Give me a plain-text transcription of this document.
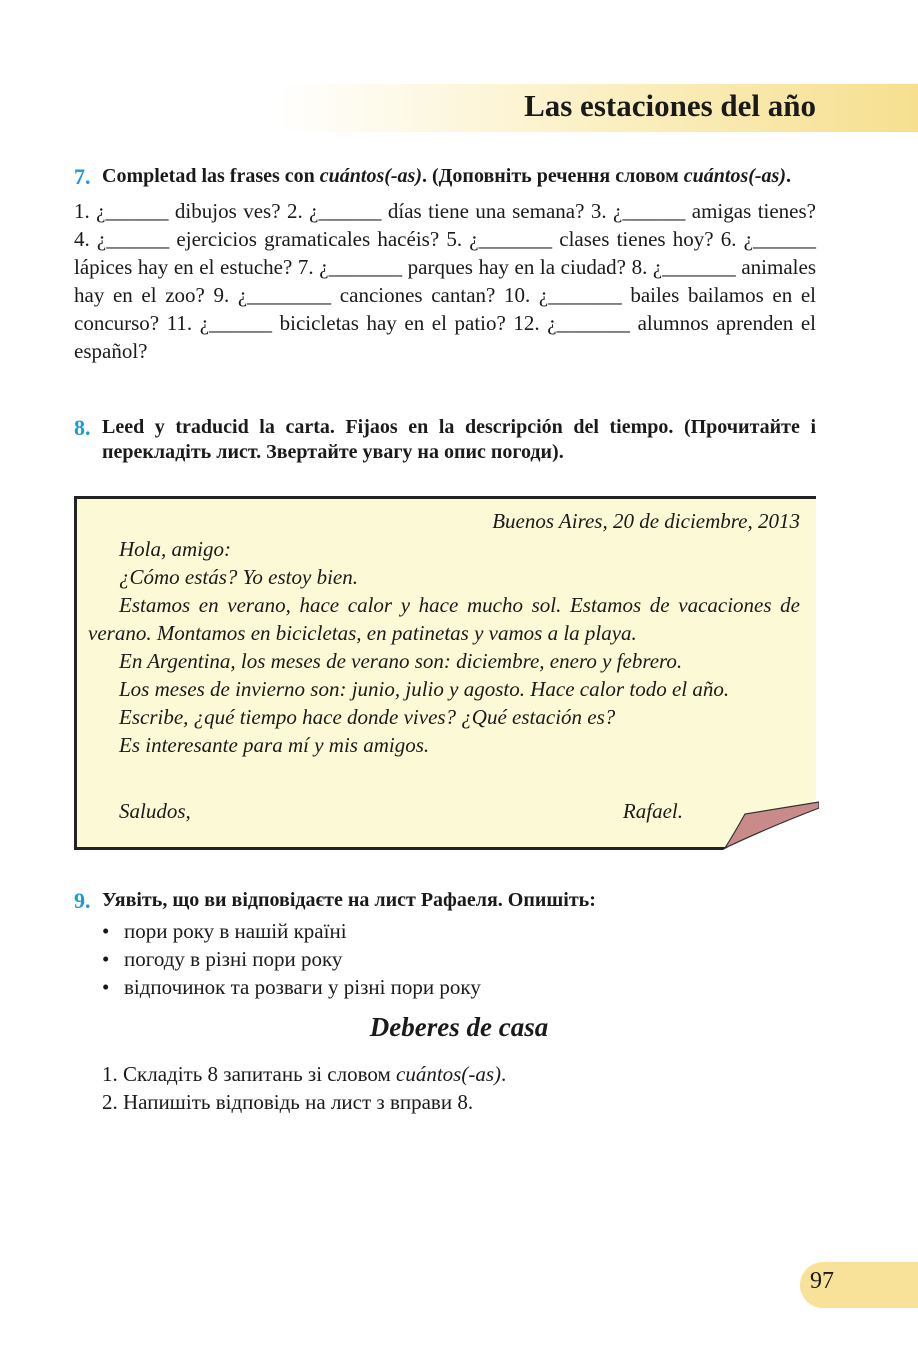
Las estaciones del año
7. Completad las frases con cuántos(-as). (Доповніть речення словом cuántos(-as).
1. ¿______ dibujos ves? 2. ¿______ días tiene una semana? 3. ¿______ amigas tienes? 4. ¿______ ejercicios gramaticales hacéis? 5. ¿_______ clases tienes hoy? 6. ¿______ lápices hay en el estuche? 7. ¿_______ parques hay en la ciudad? 8. ¿_______ animales hay en el zoo? 9. ¿________ canciones cantan? 10. ¿_______ bailes bailamos en el concurso? 11. ¿______ bicicletas hay en el patio? 12. ¿_______ alumnos aprenden el español?
8. Leed y traducid la carta. Fijaos en la descripción del tiempo. (Прочитайте і перекладіть лист. Звертайте увагу на опис погоди).

Buenos Aires, 20 de diciembre, 2013

Hola, amigo:

¿Cómo estás? Yo estoy bien.

Estamos en verano, hace calor y hace mucho sol. Estamos de vacaciones de verano. Montamos en bicicletas, en patinetas y vamos a la playa.

En Argentina, los meses de verano son: diciembre, enero y febrero.

Los meses de invierno son: junio, julio y agosto. Hace calor todo el año.

Escribe, ¿qué tiempo hace donde vives? ¿Qué estación es?

Es interesante para mí y mis amigos.

Saludos,	Rafael.
9. Уявіть, що ви відповідаєте на лист Рафаеля. Опишіть:
• пори року в нашій країні
• погоду в різні пори року
• відпочинок та розваги у різні пори року
Deberes de casa
1. Складіть 8 запитань зі словом cuántos(-as).
2. Напишіть відповідь на лист з вправи 8.
97
